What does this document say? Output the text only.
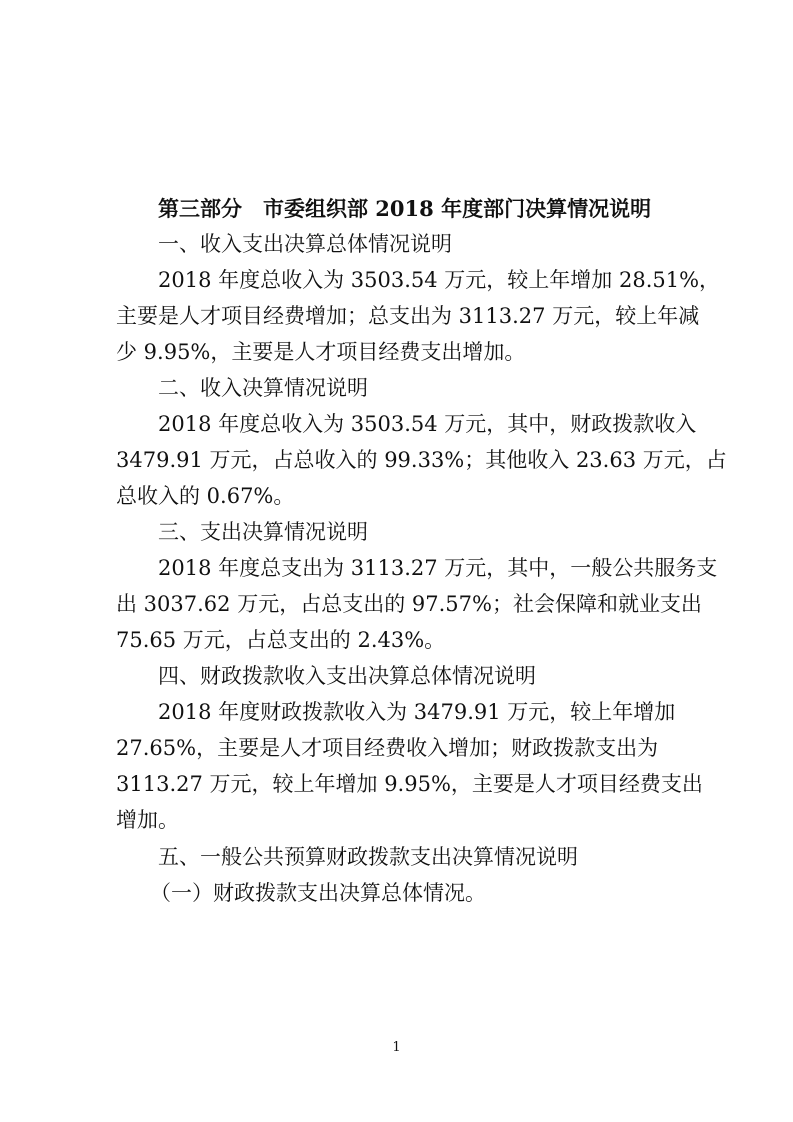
第三部分　市委组织部 2018 年度部门决算情况说明
一、收入支出决算总体情况说明
2018 年度总收入为 3503.54 万元，较上年增加 28.51%，
主要是人才项目经费增加；总支出为 3113.27 万元，较上年减
少 9.95%，主要是人才项目经费支出增加。
二、收入决算情况说明
2018 年度总收入为 3503.54 万元，其中，财政拨款收入
3479.91 万元，占总收入的 99.33%；其他收入 23.63 万元，占
总收入的 0.67%。
三、支出决算情况说明
2018 年度总支出为 3113.27 万元，其中，一般公共服务支
出 3037.62 万元，占总支出的 97.57%；社会保障和就业支出
75.65 万元，占总支出的 2.43%。
四、财政拨款收入支出决算总体情况说明
2018 年度财政拨款收入为 3479.91 万元，较上年增加
27.65%，主要是人才项目经费收入增加；财政拨款支出为
3113.27 万元，较上年增加 9.95%，主要是人才项目经费支出
增加。
五、一般公共预算财政拨款支出决算情况说明
（一）财政拨款支出决算总体情况。
1
